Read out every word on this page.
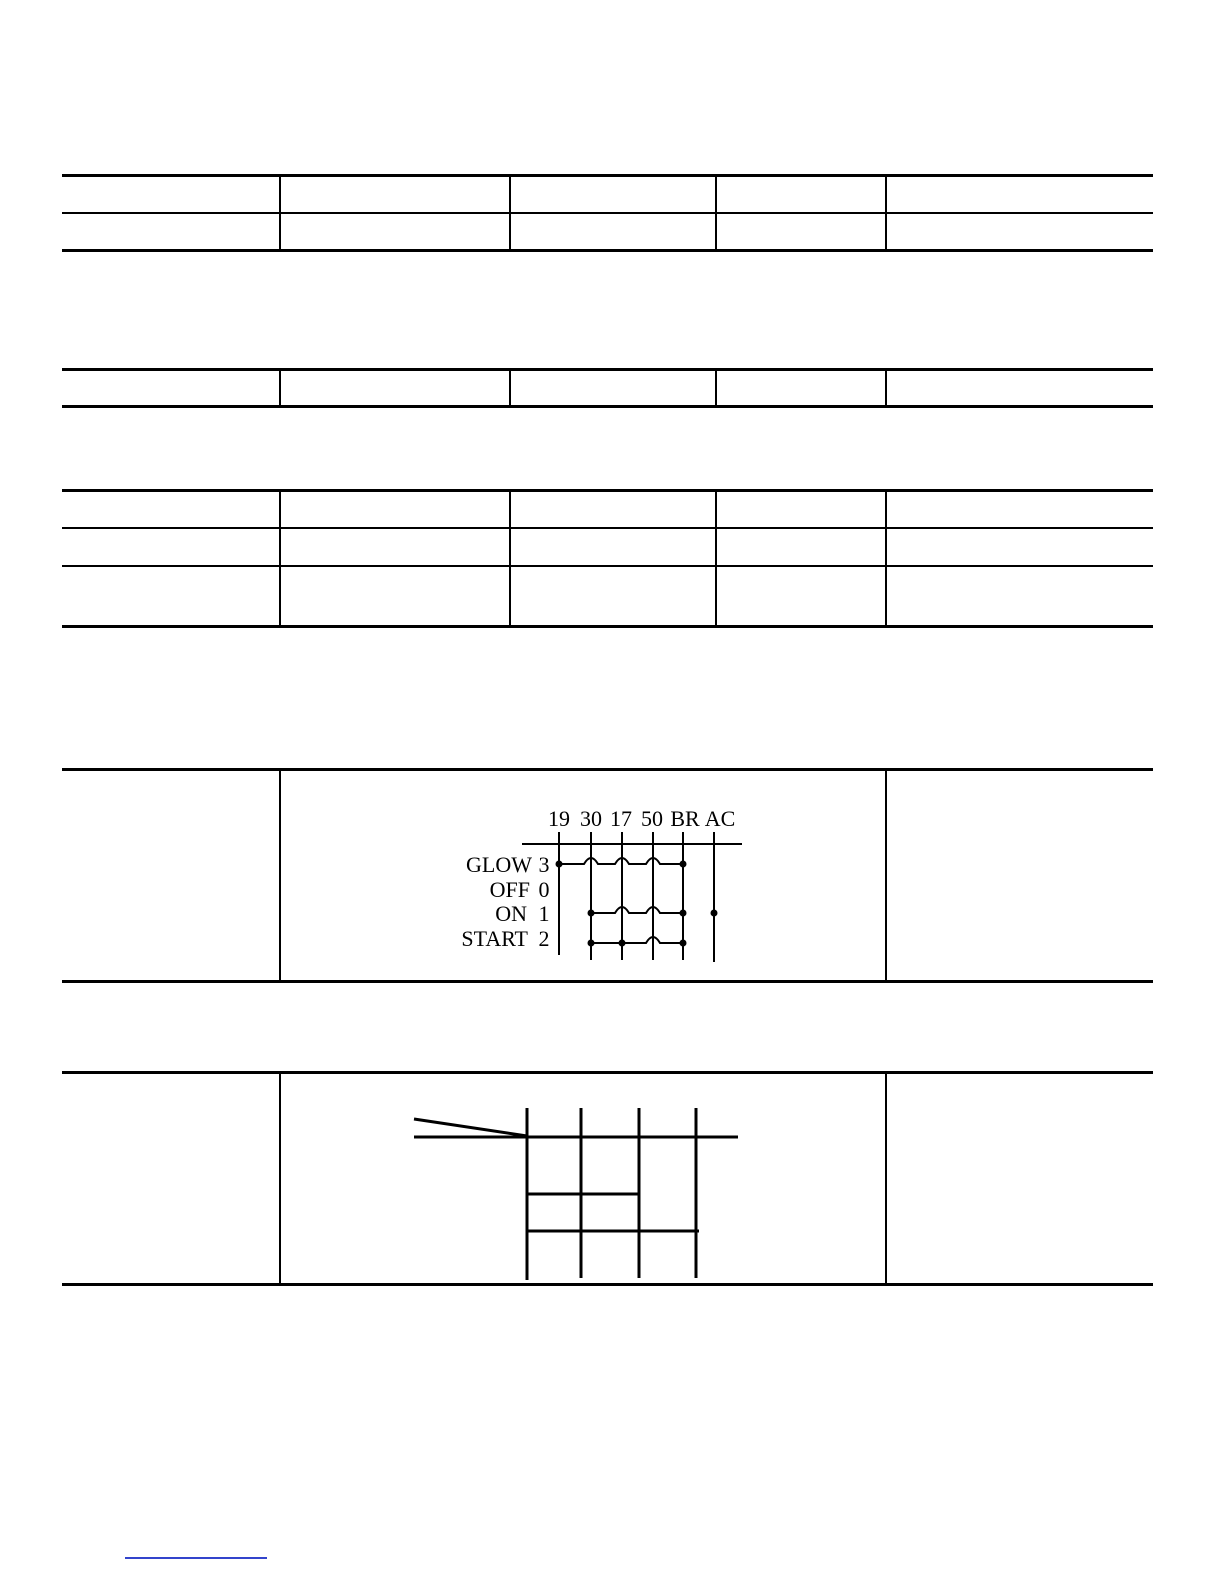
19 30 17 50 BR AC
GLOW 3
OFF 0
ON 1
START 2
